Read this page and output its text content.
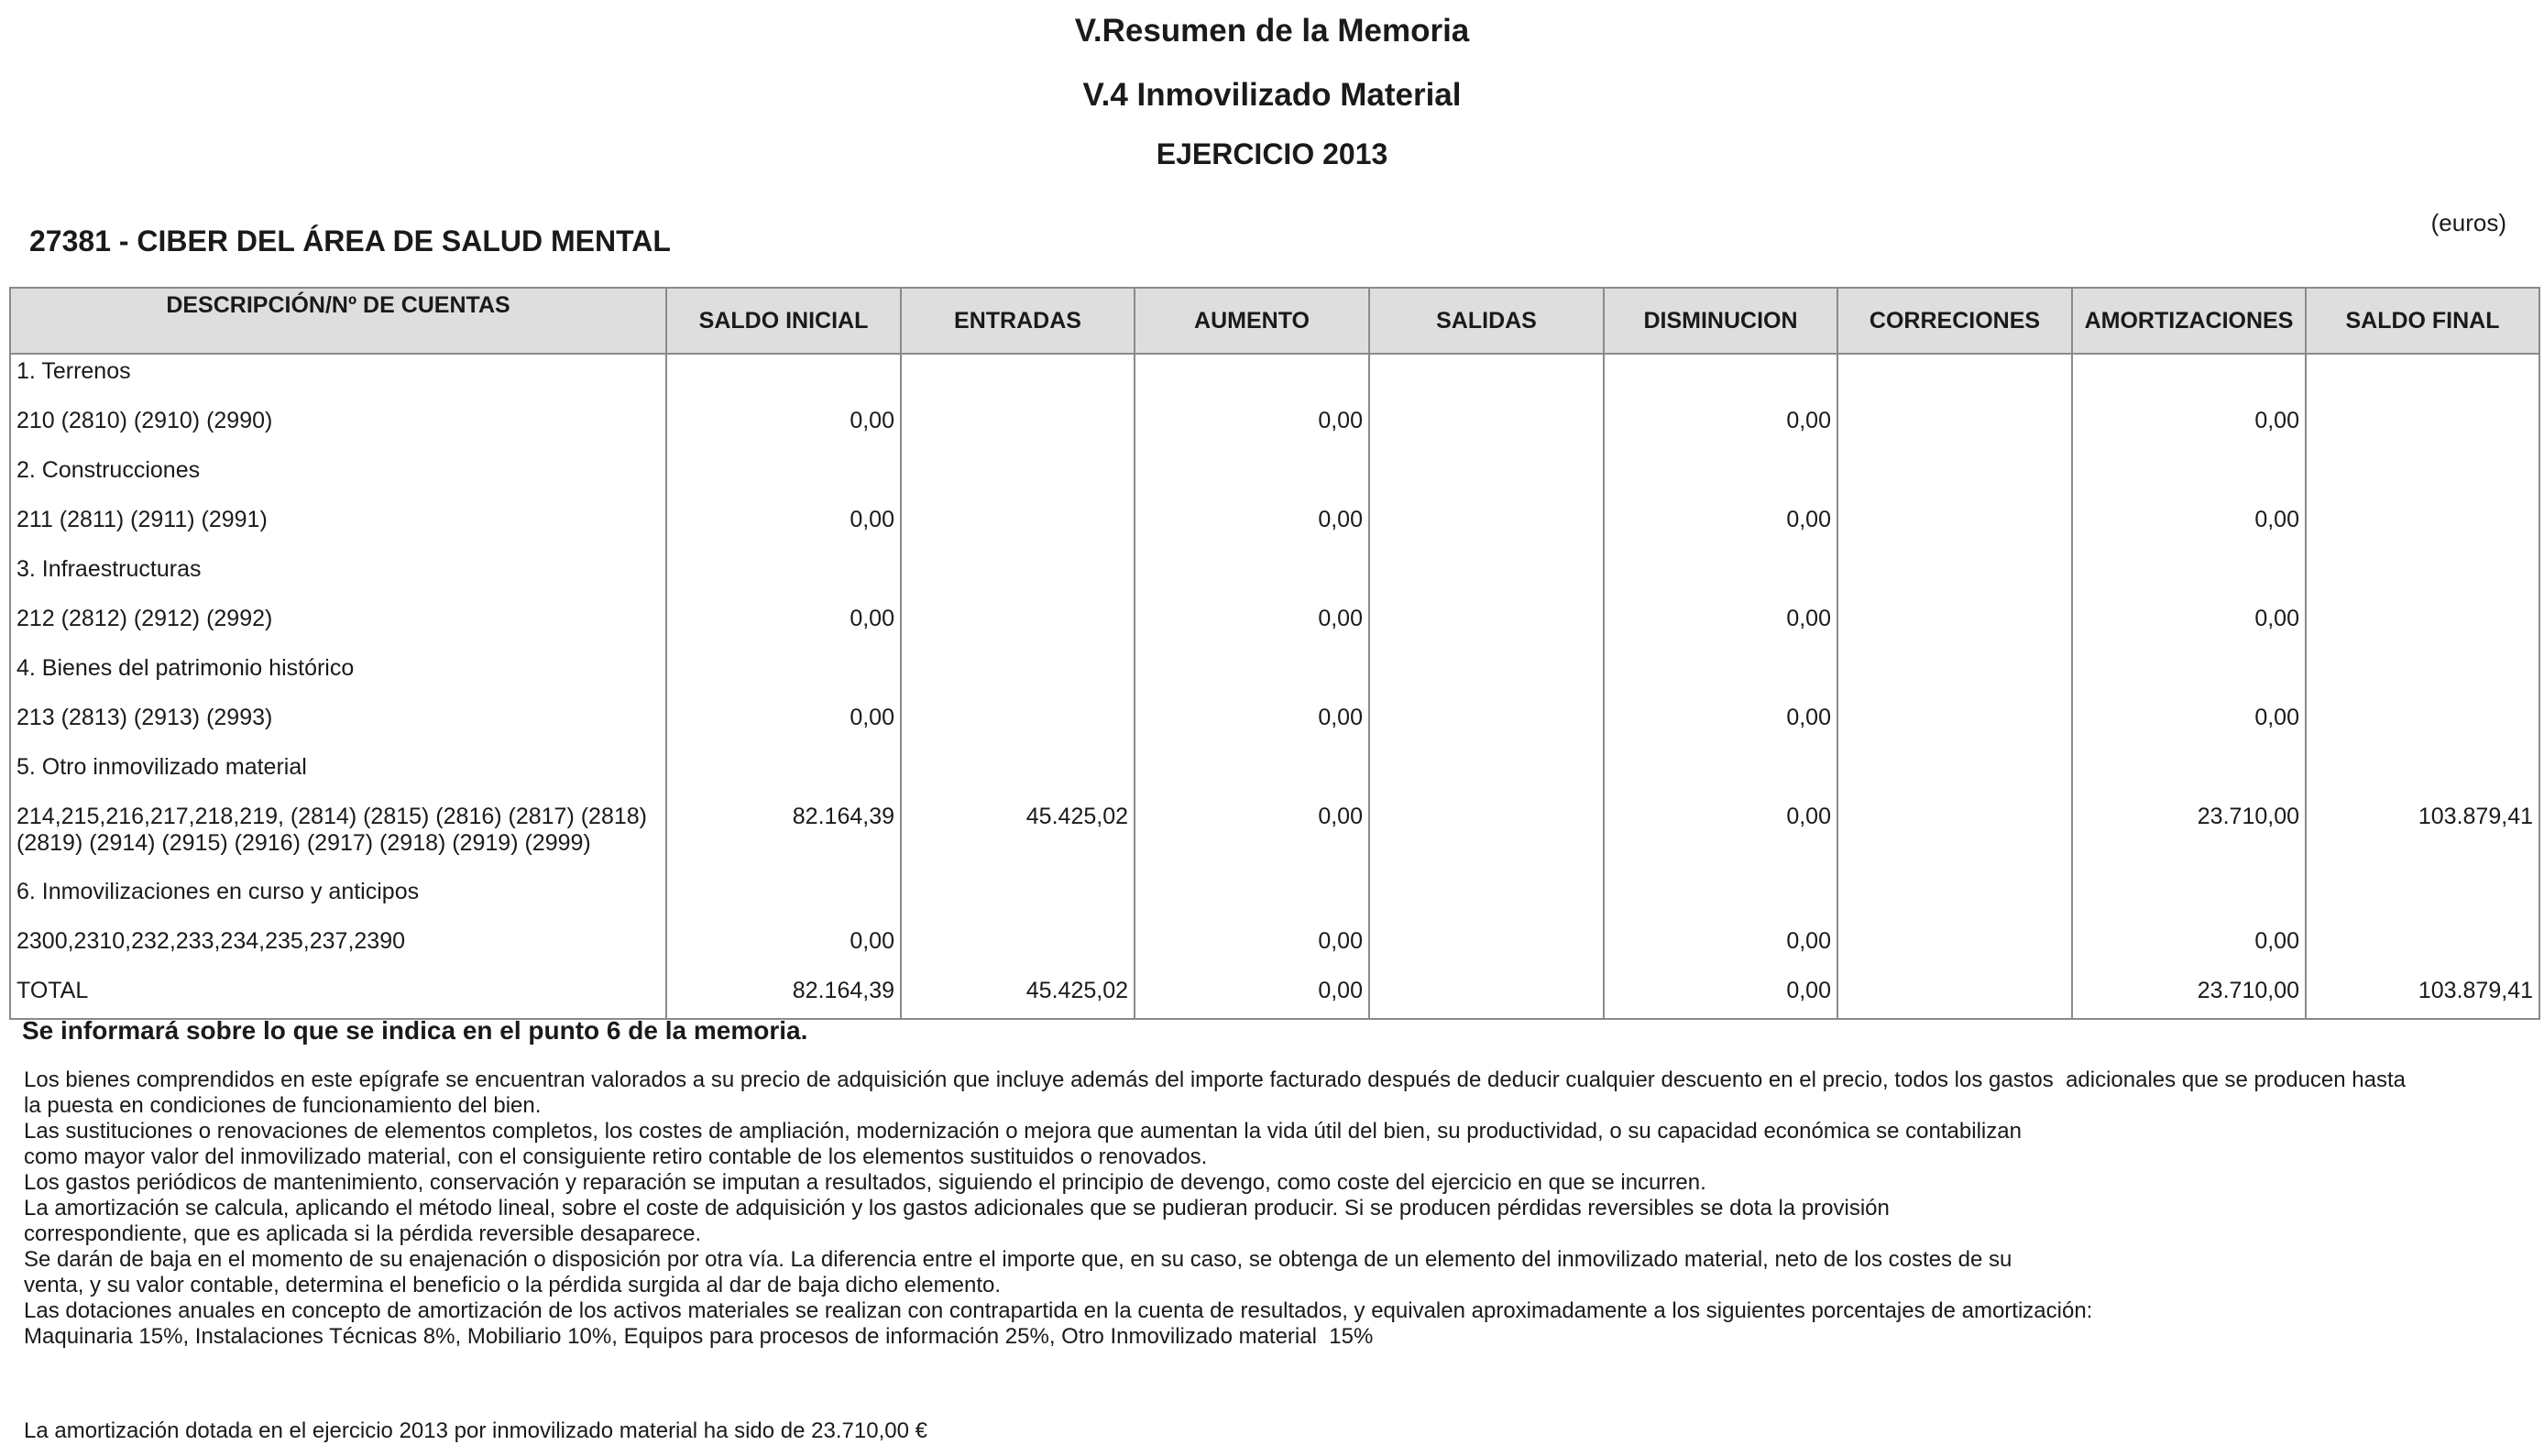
V.Resumen de la Memoria
V.4 Inmovilizado Material
EJERCICIO 2013
(euros)
27381 - CIBER DEL ÁREA DE SALUD MENTAL
DESCRIPCIÓN/Nº DE CUENTAS	SALDO INICIAL	ENTRADAS	AUMENTO	SALIDAS	DISMINUCION	CORRECIONES	AMORTIZACIONES	SALDO FINAL
1. Terrenos								
210 (2810) (2910) (2990)	0,00		0,00		0,00		0,00	
2. Construcciones								
211 (2811) (2911) (2991)	0,00		0,00		0,00		0,00	
3. Infraestructuras								
212 (2812) (2912) (2992)	0,00		0,00		0,00		0,00	
4. Bienes del patrimonio histórico								
213 (2813) (2913) (2993)	0,00		0,00		0,00		0,00	
5. Otro inmovilizado material								
214,215,216,217,218,219, (2814) (2815) (2816) (2817) (2818)
(2819) (2914) (2915) (2916) (2917) (2918) (2919) (2999)	82.164,39	45.425,02	0,00		0,00		23.710,00	103.879,41
6. Inmovilizaciones en curso y anticipos								
2300,2310,232,233,234,235,237,2390	0,00		0,00		0,00		0,00	
TOTAL	82.164,39	45.425,02	0,00		0,00		23.710,00	103.879,41
Se informará sobre lo que se indica en el punto 6 de la memoria.
Los bienes comprendidos en este epígrafe se encuentran valorados a su precio de adquisición que incluye además del importe facturado después de deducir cualquier descuento en el precio, todos los gastos  adicionales que se producen hasta
la puesta en condiciones de funcionamiento del bien.
Las sustituciones o renovaciones de elementos completos, los costes de ampliación, modernización o mejora que aumentan la vida útil del bien, su productividad, o su capacidad económica se contabilizan
como mayor valor del inmovilizado material, con el consiguiente retiro contable de los elementos sustituidos o renovados.
Los gastos periódicos de mantenimiento, conservación y reparación se imputan a resultados, siguiendo el principio de devengo, como coste del ejercicio en que se incurren.
La amortización se calcula, aplicando el método lineal, sobre el coste de adquisición y los gastos adicionales que se pudieran producir. Si se producen pérdidas reversibles se dota la provisión
correspondiente, que es aplicada si la pérdida reversible desaparece.
Se darán de baja en el momento de su enajenación o disposición por otra vía. La diferencia entre el importe que, en su caso, se obtenga de un elemento del inmovilizado material, neto de los costes de su
venta, y su valor contable, determina el beneficio o la pérdida surgida al dar de baja dicho elemento.
Las dotaciones anuales en concepto de amortización de los activos materiales se realizan con contrapartida en la cuenta de resultados, y equivalen aproximadamente a los siguientes porcentajes de amortización:
Maquinaria 15%, Instalaciones Técnicas 8%, Mobiliario 10%, Equipos para procesos de información 25%, Otro Inmovilizado material  15%
La amortización dotada en el ejercicio 2013 por inmovilizado material ha sido de 23.710,00 €
